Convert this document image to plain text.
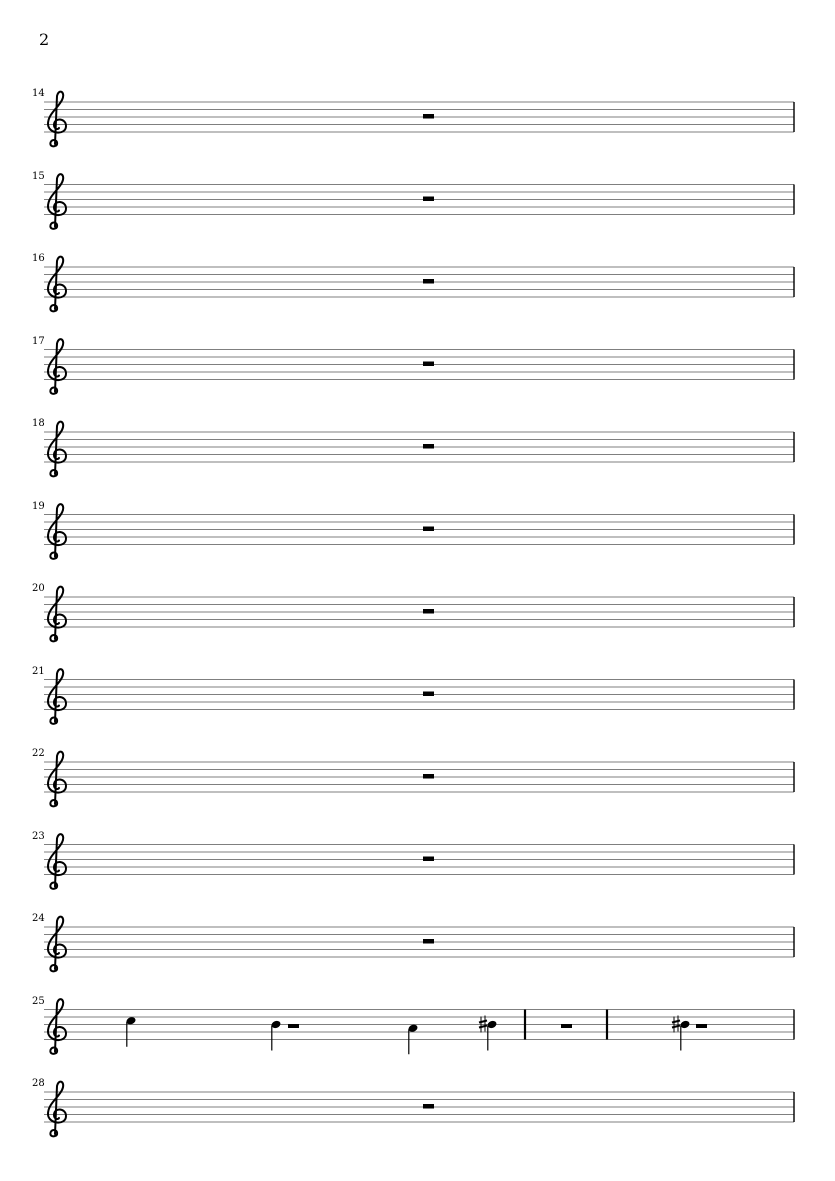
2
14
15
16
17
18
19
20
21
22
23
24
25
28
